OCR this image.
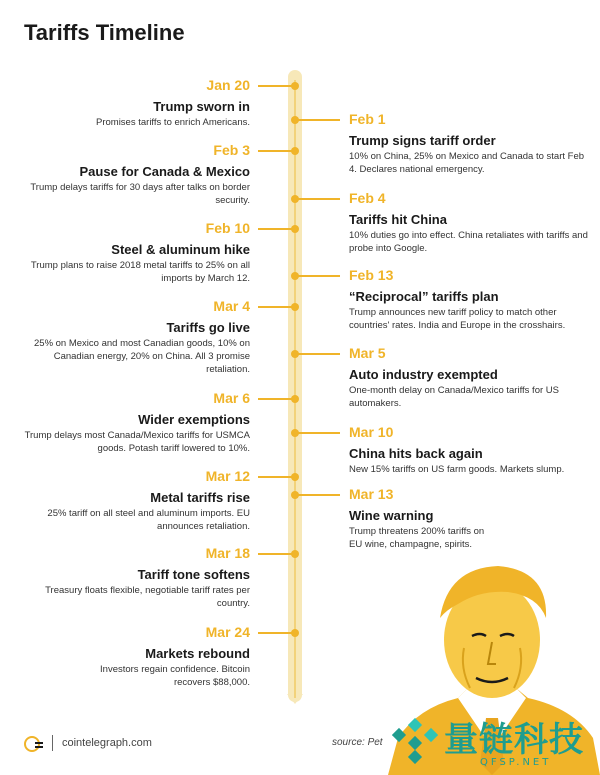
Tariffs Timeline
Jan 20
Trump sworn in
Promises tariffs to enrich Americans.	Feb 1
Trump signs tariff order
10% on China, 25% on Mexico and Canada to start Feb 4. Declares national emergency.
Feb 3
Pause for Canada & Mexico
Trump delays tariffs for 30 days after talks on border security.	Feb 4
Tariffs hit China
10% duties go into effect. China retaliates with tariffs and probe into Google.
Feb 10
Steel & aluminum hike
Trump plans to raise 2018 metal tariffs to 25% on all imports by March 12.	Feb 13
“Reciprocal” tariffs plan
Trump announces new tariff policy to match other countries' rates. India and Europe in the crosshairs.
Mar 4
Tariffs go live
25% on Mexico and most Canadian goods, 10% on Canadian energy, 20% on China. All 3 promise retaliation.
Mar 5
Auto industry exempted
One-month delay on Canada/Mexico tariffs for US automakers.
Mar 6
Wider exemptions
Trump delays most Canada/Mexico tariffs for USMCA goods. Potash tariff lowered to 10%.
Mar 10
China hits back again
New 15% tariffs on US farm goods. Markets slump.
Mar 12
Metal tariffs rise
25% tariff on all steel and aluminum imports. EU announces retaliation.
Mar 13
Wine warning
Trump threatens 200% tariffs on EU wine, champagne, spirits.
Mar 18
Tariff tone softens
Treasury floats flexible, negotiable tariff rates per country.
Mar 24
Markets rebound
Investors regain confidence. Bitcoin recovers $88,000.
cointelegraph.com	source: Pet 量链科技
QFSP.NET
